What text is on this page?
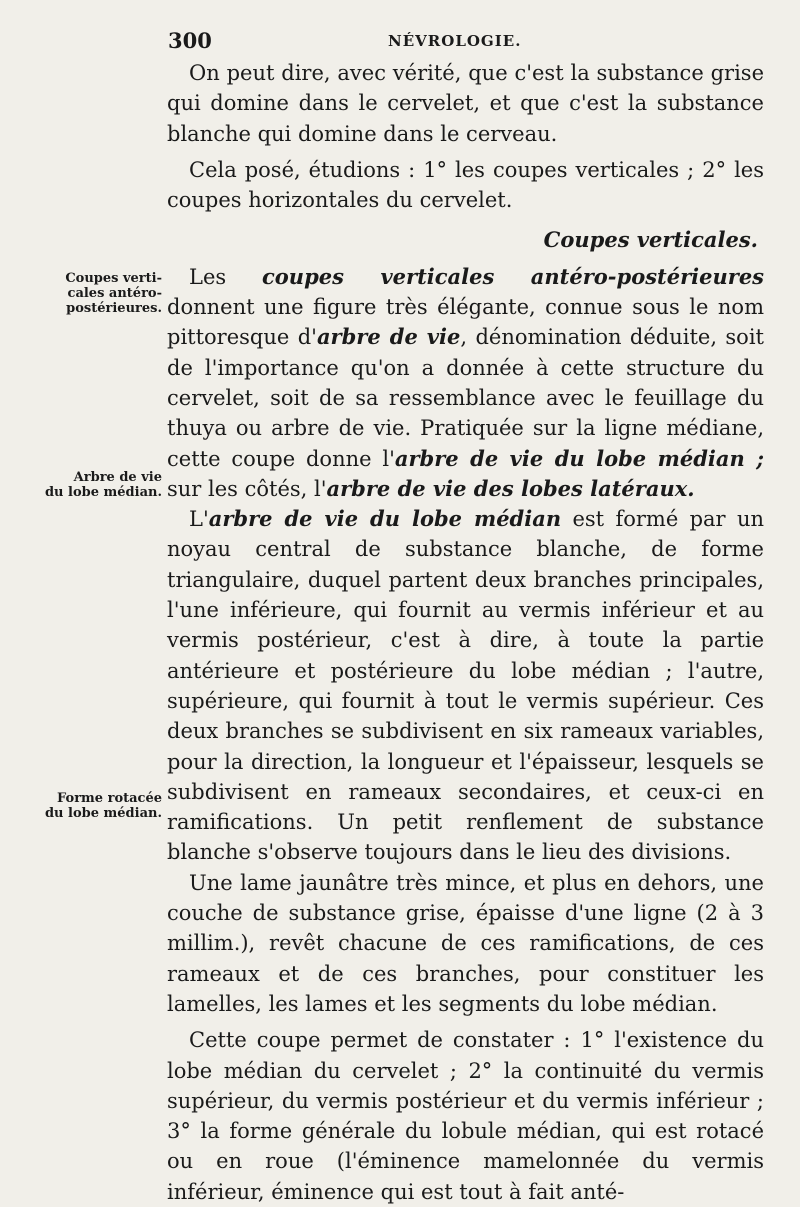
300	NÉVROLOGIE.
Coupes verti-
cales antéro-
postérieures.
Arbre de vie
du lobe médian.
Forme rotacée
du lobe médian.

On peut dire, avec vérité, que c'est la substance grise qui domine dans le cervelet, et que c'est la substance blanche qui domine dans le cerveau.

Cela posé, étudions : 1° les coupes verticales ; 2° les coupes horizontales du cervelet.

Coupes verticales.

Les coupes verticales antéro-postérieures donnent une figure très élégante, connue sous le nom pittoresque d'arbre de vie, dénomination déduite, soit de l'importance qu'on a donnée à cette structure du cervelet, soit de sa ressemblance avec le feuillage du thuya ou arbre de vie. Pratiquée sur la ligne médiane, cette coupe donne l'arbre de vie du lobe médian ; sur les côtés, l'arbre de vie des lobes latéraux.

L'arbre de vie du lobe médian est formé par un noyau central de substance blanche, de forme triangulaire, duquel partent deux branches principales, l'une inférieure, qui fournit au vermis inférieur et au vermis postérieur, c'est à dire, à toute la partie antérieure et postérieure du lobe médian ; l'autre, supérieure, qui fournit à tout le vermis supérieur. Ces deux branches se subdivisent en six rameaux variables, pour la direction, la longueur et l'épaisseur, lesquels se subdivisent en rameaux secondaires, et ceux-ci en ramifications. Un petit renflement de substance blanche s'observe toujours dans le lieu des divisions.

Une lame jaunâtre très mince, et plus en dehors, une couche de substance grise, épaisse d'une ligne (2 à 3 millim.), revêt chacune de ces ramifications, de ces rameaux et de ces branches, pour constituer les lamelles, les lames et les segments du lobe médian.

Cette coupe permet de constater : 1° l'existence du lobe médian du cervelet ; 2° la continuité du vermis supérieur, du vermis postérieur et du vermis inférieur ; 3° la forme générale du lobule médian, qui est rotacé ou en roue (l'éminence mamelonnée du vermis inférieur, éminence qui est tout à fait anté-
